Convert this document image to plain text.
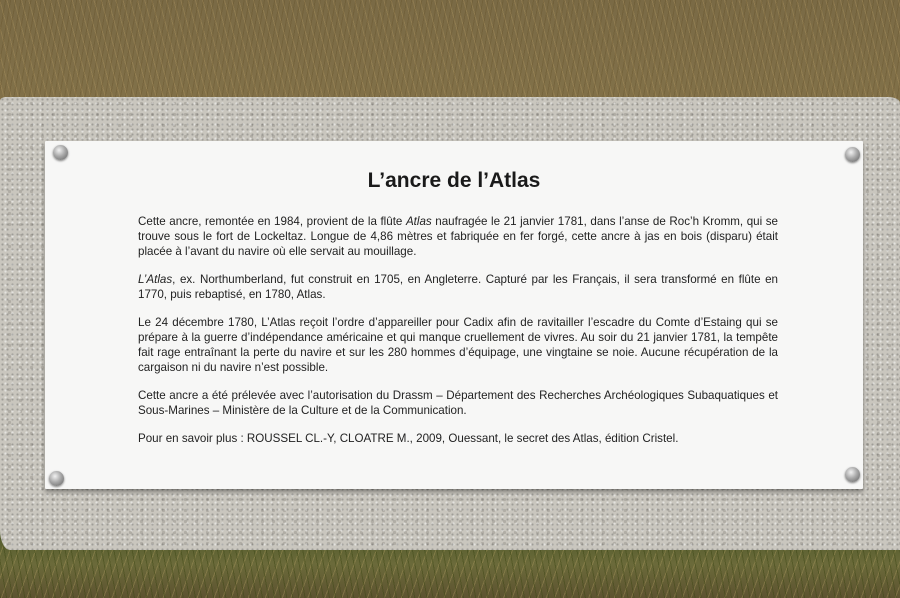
L’ancre de l’Atlas

Cette ancre, remontée en 1984, provient de la flûte Atlas naufragée le 21 janvier 1781, dans l’anse de Roc’h Kromm, qui se trouve sous le fort de Lockeltaz. Longue de 4,86 mètres et fabriquée en fer forgé, cette ancre à jas en bois (disparu) était placée à l’avant du navire où elle servait au mouillage.

L’Atlas, ex. Northumberland, fut construit en 1705, en Angleterre. Capturé par les Français, il sera transformé en flûte en 1770, puis rebaptisé, en 1780, Atlas.

Le 24 décembre 1780, L’Atlas reçoit l’ordre d’appareiller pour Cadix afin de ravitailler l’escadre du Comte d’Estaing qui se prépare à la guerre d’indépendance américaine et qui manque cruellement de vivres. Au soir du 21 janvier 1781, la tempête fait rage entraînant la perte du navire et sur les 280 hommes d’équipage, une vingtaine se noie. Aucune récupération de la cargaison ni du navire n’est possible.

Cette ancre a été prélevée avec l’autorisation du Drassm – Département des Recherches Archéologiques Subaquatiques et Sous-Marines – Ministère de la Culture et de la Communication.

Pour en savoir plus : ROUSSEL CL.-Y, CLOATRE M., 2009, Ouessant, le secret des Atlas, édition Cristel.
